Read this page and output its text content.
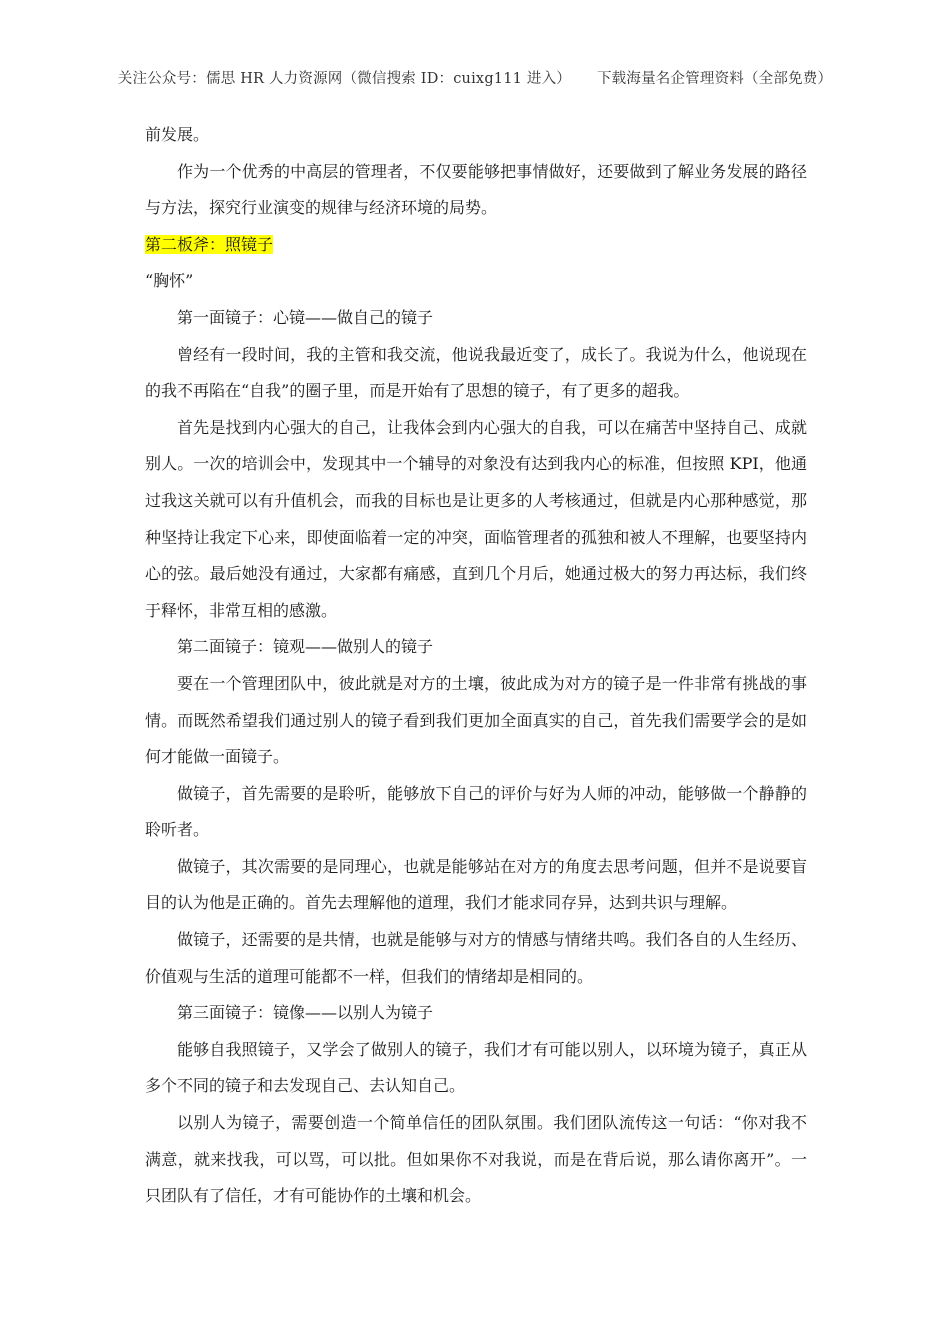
关注公众号：儒思 HR 人力资源网（微信搜索 ID：cuixg111 进入） 下载海量名企管理资料（全部免费）

前发展。

作为一个优秀的中高层的管理者，不仅要能够把事情做好，还要做到了解业务发展的路径与方法，探究行业演变的规律与经济环境的局势。

第二板斧：照镜子

“胸怀”

第一面镜子：心镜——做自己的镜子

曾经有一段时间，我的主管和我交流，他说我最近变了，成长了。我说为什么，他说现在的我不再陷在“自我”的圈子里，而是开始有了思想的镜子，有了更多的超我。

首先是找到内心强大的自己，让我体会到内心强大的自我，可以在痛苦中坚持自己、成就别人。一次的培训会中，发现其中一个辅导的对象没有达到我内心的标准，但按照 KPI，他通过我这关就可以有升值机会，而我的目标也是让更多的人考核通过，但就是内心那种感觉，那种坚持让我定下心来，即使面临着一定的冲突，面临管理者的孤独和被人不理解，也要坚持内心的弦。最后她没有通过，大家都有痛感，直到几个月后，她通过极大的努力再达标，我们终于释怀，非常互相的感激。

第二面镜子：镜观——做别人的镜子

要在一个管理团队中，彼此就是对方的土壤，彼此成为对方的镜子是一件非常有挑战的事情。而既然希望我们通过别人的镜子看到我们更加全面真实的自己，首先我们需要学会的是如何才能做一面镜子。

做镜子，首先需要的是聆听，能够放下自己的评价与好为人师的冲动，能够做一个静静的聆听者。

做镜子，其次需要的是同理心，也就是能够站在对方的角度去思考问题，但并不是说要盲目的认为他是正确的。首先去理解他的道理，我们才能求同存异，达到共识与理解。

做镜子，还需要的是共情，也就是能够与对方的情感与情绪共鸣。我们各自的人生经历、价值观与生活的道理可能都不一样，但我们的情绪却是相同的。

第三面镜子：镜像——以别人为镜子

能够自我照镜子，又学会了做别人的镜子，我们才有可能以别人，以环境为镜子，真正从多个不同的镜子和去发现自己、去认知自己。

以别人为镜子，需要创造一个简单信任的团队氛围。我们团队流传这一句话：“你对我不满意，就来找我，可以骂，可以批。但如果你不对我说，而是在背后说，那么请你离开”。一只团队有了信任，才有可能协作的土壤和机会。
